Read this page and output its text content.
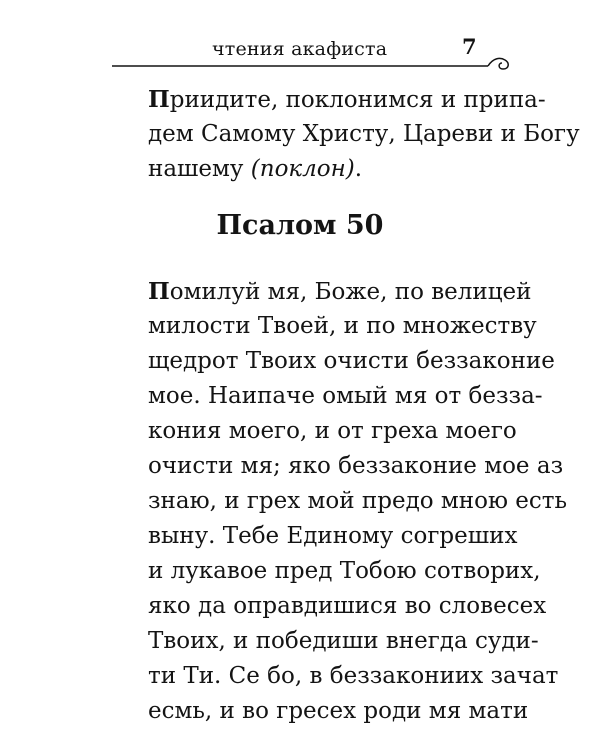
чтения акафиста	7
Приидите, поклонимся и припа-
дем Самому Христу, Цареви и Богу
нашему (поклон).
Псалом 50
Помилуй мя, Боже, по велицей
милости Твоей, и по множеству
щедрот Твоих очисти беззаконие
мое. Наипаче омый мя от безза-
кония моего, и от греха моего
очисти мя; яко беззаконие мое аз
знаю, и грех мой предо мною есть
выну. Тебе Единому согреших
и лукавое пред Тобою сотворих,
яко да оправдишися во словесех
Твоих, и победиши внегда суди-
ти Ти. Се бо, в беззакониих зачат
есмь, и во гресех роди мя мати
